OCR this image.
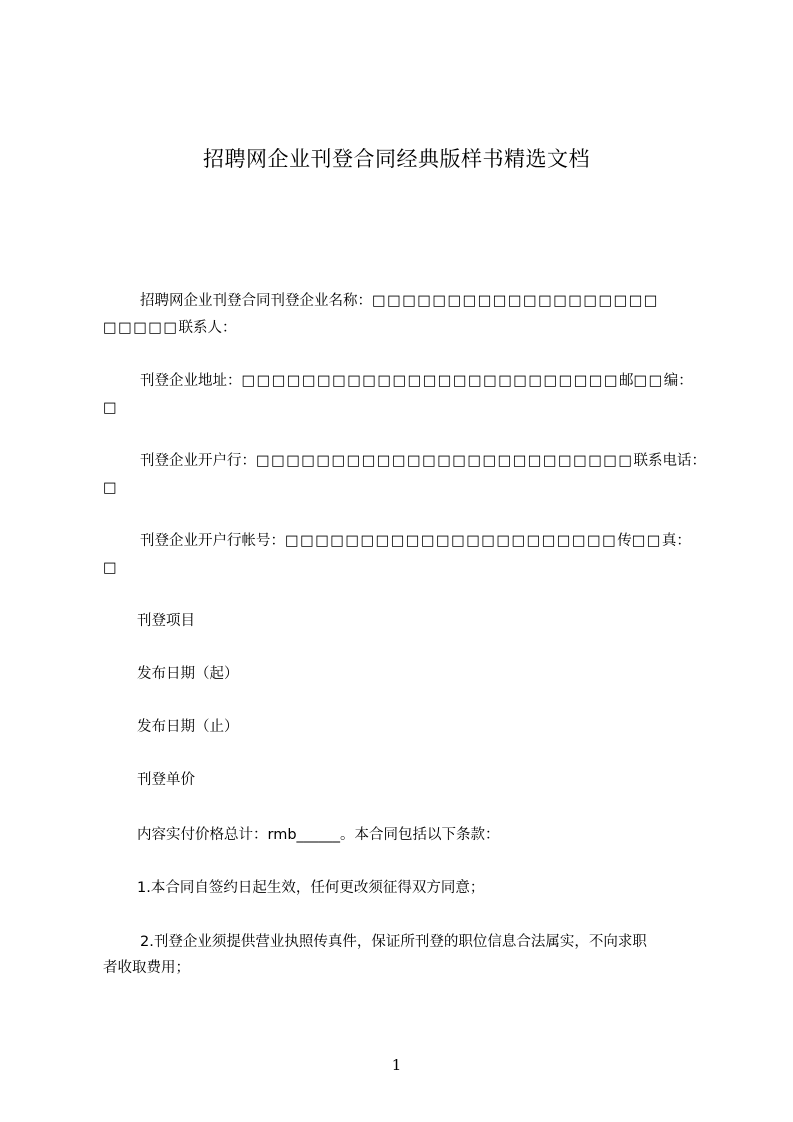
招聘网企业刊登合同经典版样书精选文档
招聘网企业刊登合同刊登企业名称：□□□□□□□□□□□□□□□□□□□
□□□□□联系人：
刊登企业地址：□□□□□□□□□□□□□□□□□□□□□□□□□邮□□编：
□
刊登企业开户行：□□□□□□□□□□□□□□□□□□□□□□□□□联系电话：
□
刊登企业开户行帐号：□□□□□□□□□□□□□□□□□□□□□□传□□真：
□
刊登项目
发布日期（起）
发布日期（止）
刊登单价
内容实付价格总计：rmb______。本合同包括以下条款：
1.本合同自签约日起生效，任何更改须征得双方同意；
2.刊登企业须提供营业执照传真件，保证所刊登的职位信息合法属实，不向求职
者收取费用；
1
